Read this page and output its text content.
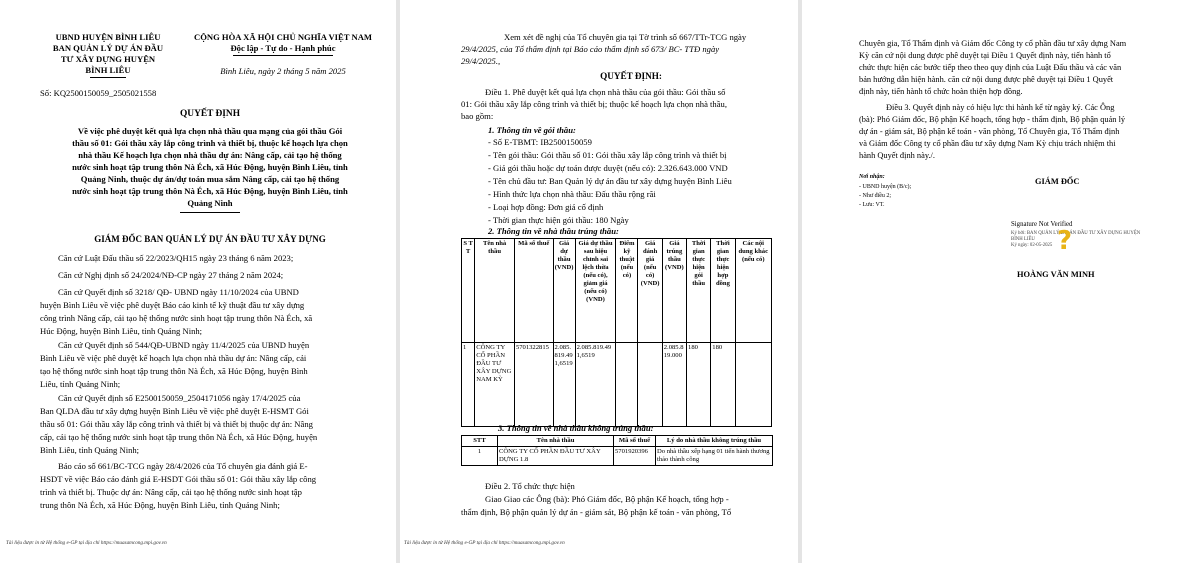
UBND HUYỆN BÌNH LIÊU
BAN QUẢN LÝ DỰ ÁN ĐẦU
TƯ XÂY DỰNG HUYỆN
BÌNH LIÊU
CỘNG HÒA XÃ HỘI CHỦ NGHĨA VIỆT NAM
Độc lập - Tự do - Hạnh phúc
Bình Liêu, ngày 2 tháng 5 năm 2025
Số: KQ2500150059_2505021558
QUYẾT ĐỊNH
Về việc phê duyệt kết quả lựa chọn nhà thầu qua mạng của gói thầu Gói
thầu số 01: Gói thầu xây lắp công trình và thiết bị, thuộc kế hoạch lựa chọn
nhà thầu Kế hoạch lựa chọn nhà thầu dự án: Nâng cấp, cải tạo hệ thống
nước sinh hoạt tập trung thôn Nà Éch, xã Húc Động, huyện Bình Liêu, tỉnh
Quảng Ninh, thuộc dự án/dự toán mua sắm Nâng cấp, cải tạo hệ thống
nước sinh hoạt tập trung thôn Nà Éch, xã Húc Động, huyện Bình Liêu, tỉnh
Quảng Ninh
GIÁM ĐỐC BAN QUẢN LÝ DỰ ÁN ĐẦU TƯ XÂY DỰNG
Căn cứ Luật Đấu thầu số 22/2023/QH15 ngày 23 tháng 6 năm 2023;
Căn cứ Nghị định số 24/2024/NĐ-CP ngày 27 tháng 2 năm 2024;
Căn cứ Quyết định số 3218/ QĐ- UBND ngày 11/10/2024 của UBND
huyện Bình Liêu về việc phê duyệt Báo cáo kinh tế kỹ thuật đầu tư xây dựng
công trình Nâng cấp, cải tạo hệ thống nước sinh hoạt tập trung thôn Nà Éch, xã
Húc Động, huyện Bình Liêu, tỉnh Quảng Ninh;
Căn cứ Quyết định số 544/QĐ-UBND ngày 11/4/2025 của UBND huyện
Bình Liêu về việc phê duyệt kế hoạch lựa chọn nhà thầu dự án: Nâng cấp, cải
tạo hệ thống nước sinh hoạt tập trung thôn Nà Éch, xã Húc Động, huyện Bình
Liêu, tỉnh Quảng Ninh;
Căn cứ Quyết định số E2500150059_2504171056 ngày 17/4/2025 của
Ban QLDA đầu tư xây dựng huyện Bình Liêu về việc phê duyệt E-HSMT Gói
thầu số 01: Gói thầu xây lắp công trình và thiết bị và thiết bị thuộc dự án: Nâng
cấp, cải tạo hệ thống nước sinh hoạt tập trung thôn Nà Éch, xã Húc Động, huyện
Bình Liêu, tỉnh Quảng Ninh;
Báo cáo số 661/BC-TCG ngày 28/4/2026 của Tổ chuyên gia đánh giá E-
HSDT về việc Báo cáo đánh giá E-HSDT Gói thầu số 01: Gói thầu xây lắp công
trình và thiết bị. Thuộc dự án: Nâng cấp, cải tạo hệ thống nước sinh hoạt tập
trung thôn Nà Éch, xã Húc Động, huyện Bình Liêu, tỉnh Quảng Ninh;
Tài liệu được in từ Hệ thống e-GP tại địa chỉ https://muasamcong.mpi.gov.vn
Xem xét đề nghị của Tổ chuyên gia tại Tờ trình số 667/TTr-TCG ngày
29/4/2025, của Tổ thẩm định tại Báo cáo thẩm định số 673/ BC- TTĐ ngày
29/4/2025.,
QUYẾT ĐỊNH:
Điều 1. Phê duyệt kết quả lựa chọn nhà thầu của gói thầu: Gói thầu số
01: Gói thầu xây lắp công trình và thiết bị; thuộc kế hoạch lựa chọn nhà thầu,
bao gồm:
1. Thông tin về gói thầu:
- Số E-TBMT: IB2500150059
- Tên gói thầu: Gói thầu số 01: Gói thầu xây lắp công trình và thiết bị
- Giá gói thầu hoặc dự toán được duyệt (nếu có): 2.326.643.000 VND
- Tên chủ đầu tư: Ban Quản lý dự án đầu tư xây dựng huyện Bình Liêu
- Hình thức lựa chọn nhà thầu: Đấu thầu rộng rãi
- Loại hợp đồng: Đơn giá cố định
- Thời gian thực hiện gói thầu: 180 Ngày
2. Thông tin về nhà thầu trúng thầu:
S T T	Tên nhà thầu	Mã số thuế	Giá dự thầu (VND)	Giá dự thầu sau hiệu chỉnh sai lệch thừa (nếu có), giảm giá (nếu có) (VND)	Điểm kỹ thuật (nếu có)	Giá đánh giá (nếu có) (VND)	Giá trúng thầu (VND)	Thời gian thực hiện gói thầu	Thời gian thực hiện hợp đồng	Các nội dung khác (nếu có)
1	CÔNG TY CỔ PHẦN ĐẦU TƯ XÂY DỰNG NAM KỲ	5701322815	2.085.819.491,6519	2.085.819.491,6519			2.085.819.000	180	180	
3. Thông tin về nhà thầu không trúng thầu:
STT	Tên nhà thầu	Mã số thuế	Lý do nhà thầu không trúng thầu
1	CÔNG TY CỔ PHẦN ĐẦU TƯ XÂY DỰNG 1.8	5701920396	Do nhà thầu xếp hạng 01 tiến hành thương thảo thành công
Điều 2. Tổ chức thực hiện
Giao Giao các Ông (bà): Phó Giám đốc, Bộ phận Kế hoạch, tổng hợp -
thẩm định, Bộ phận quản lý dự án - giám sát, Bộ phận kế toán - văn phòng, Tổ
Tài liệu được in từ Hệ thống e-GP tại địa chỉ https://muasamcong.mpi.gov.vn
Chuyên gia, Tổ Thẩm định và Giám đốc Công ty cổ phần đầu tư xây dựng Nam
Kỳ căn cứ nội dung được phê duyệt tại Điều 1 Quyết định này, tiến hành tổ
chức thực hiện các bước tiếp theo theo quy định của Luật Đấu thầu và các văn
bản hướng dẫn hiện hành. căn cứ nội dung được phê duyệt tại Điều 1 Quyết
định này, tiến hành tổ chức hoàn thiện hợp đồng.
Điều 3. Quyết định này có hiệu lực thi hành kể từ ngày ký. Các Ông
(bà): Phó Giám đốc, Bộ phận Kế hoạch, tổng hợp - thẩm định, Bộ phận quản lý
dự án - giám sát, Bộ phận kế toán - văn phòng, Tổ Chuyên gia, Tổ Thẩm định
và Giám đốc Công ty cổ phần đầu tư xây dựng Nam Kỳ chịu trách nhiệm thi
hành Quyết định này./.
GIÁM ĐỐC
Nơi nhận:
- UBND huyện (B/c);
- Như điều 2;
- Lưu: VT.
Signature Not Verified
Ký bởi: BAN QUẢN LÝ DỰ ÁN ĐẦU TƯ XÂY DỰNG HUYỆN
BÌNH LIÊU
Ký ngày: 02-05-2025 ?
HOÀNG VĂN MINH
